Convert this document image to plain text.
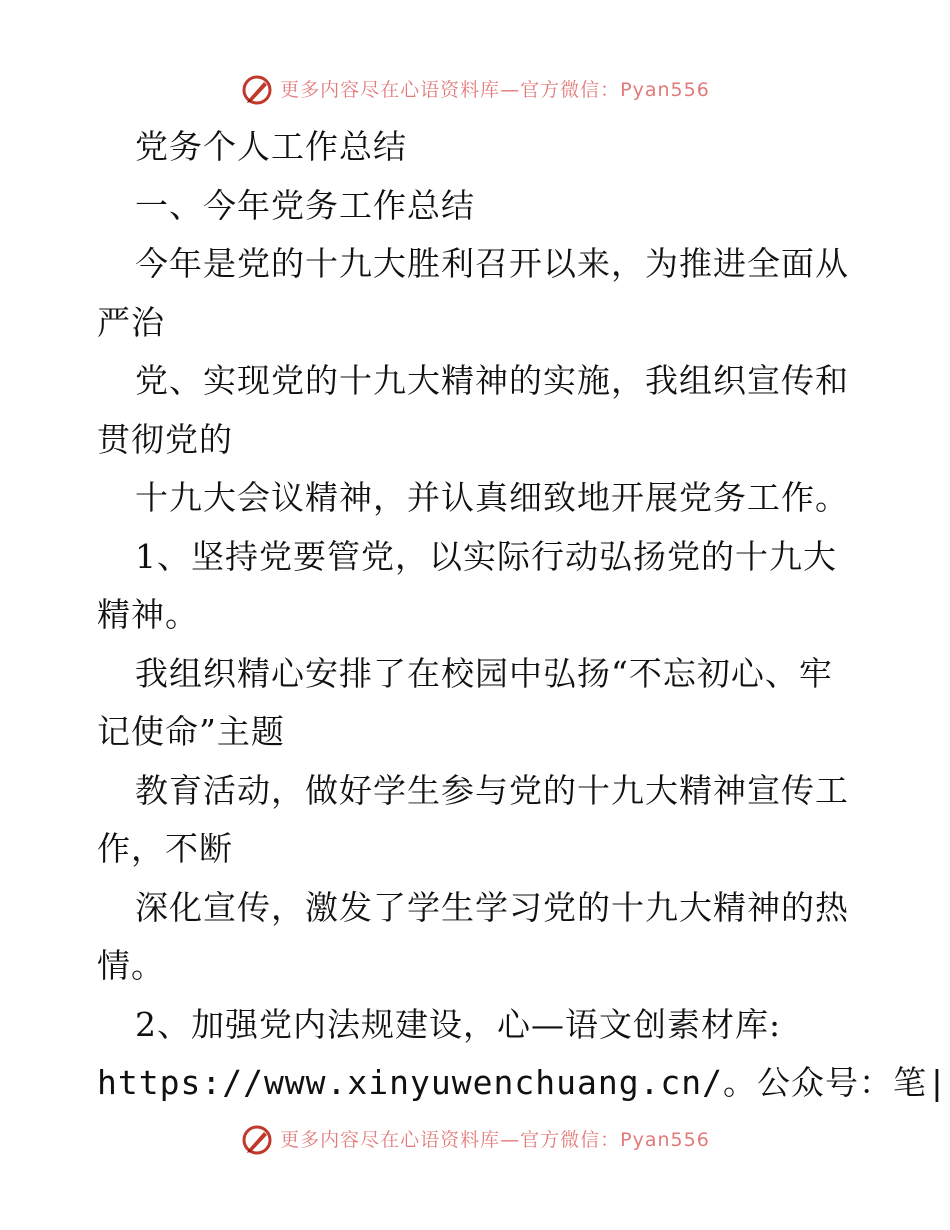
更多内容尽在心语资料库—官方微信：Pyan556
党务个人工作总结
一、今年党务工作总结
今年是党的十九大胜利召开以来，为推进全面从
严治
党、实现党的十九大精神的实施，我组织宣传和
贯彻党的
十九大会议精神，并认真细致地开展党务工作。
1、坚持党要管党，以实际行动弘扬党的十九大
精神。
我组织精心安排了在校园中弘扬“不忘初心、牢
记使命”主题
教育活动，做好学生参与党的十九大精神宣传工
作，不断
深化宣传，激发了学生学习党的十九大精神的热
情。
2、加强党内法规建设，心—语文创素材库:
https://www.xinyuwenchuang.cn/。公众号：笔|
更多内容尽在心语资料库—官方微信：Pyan556
